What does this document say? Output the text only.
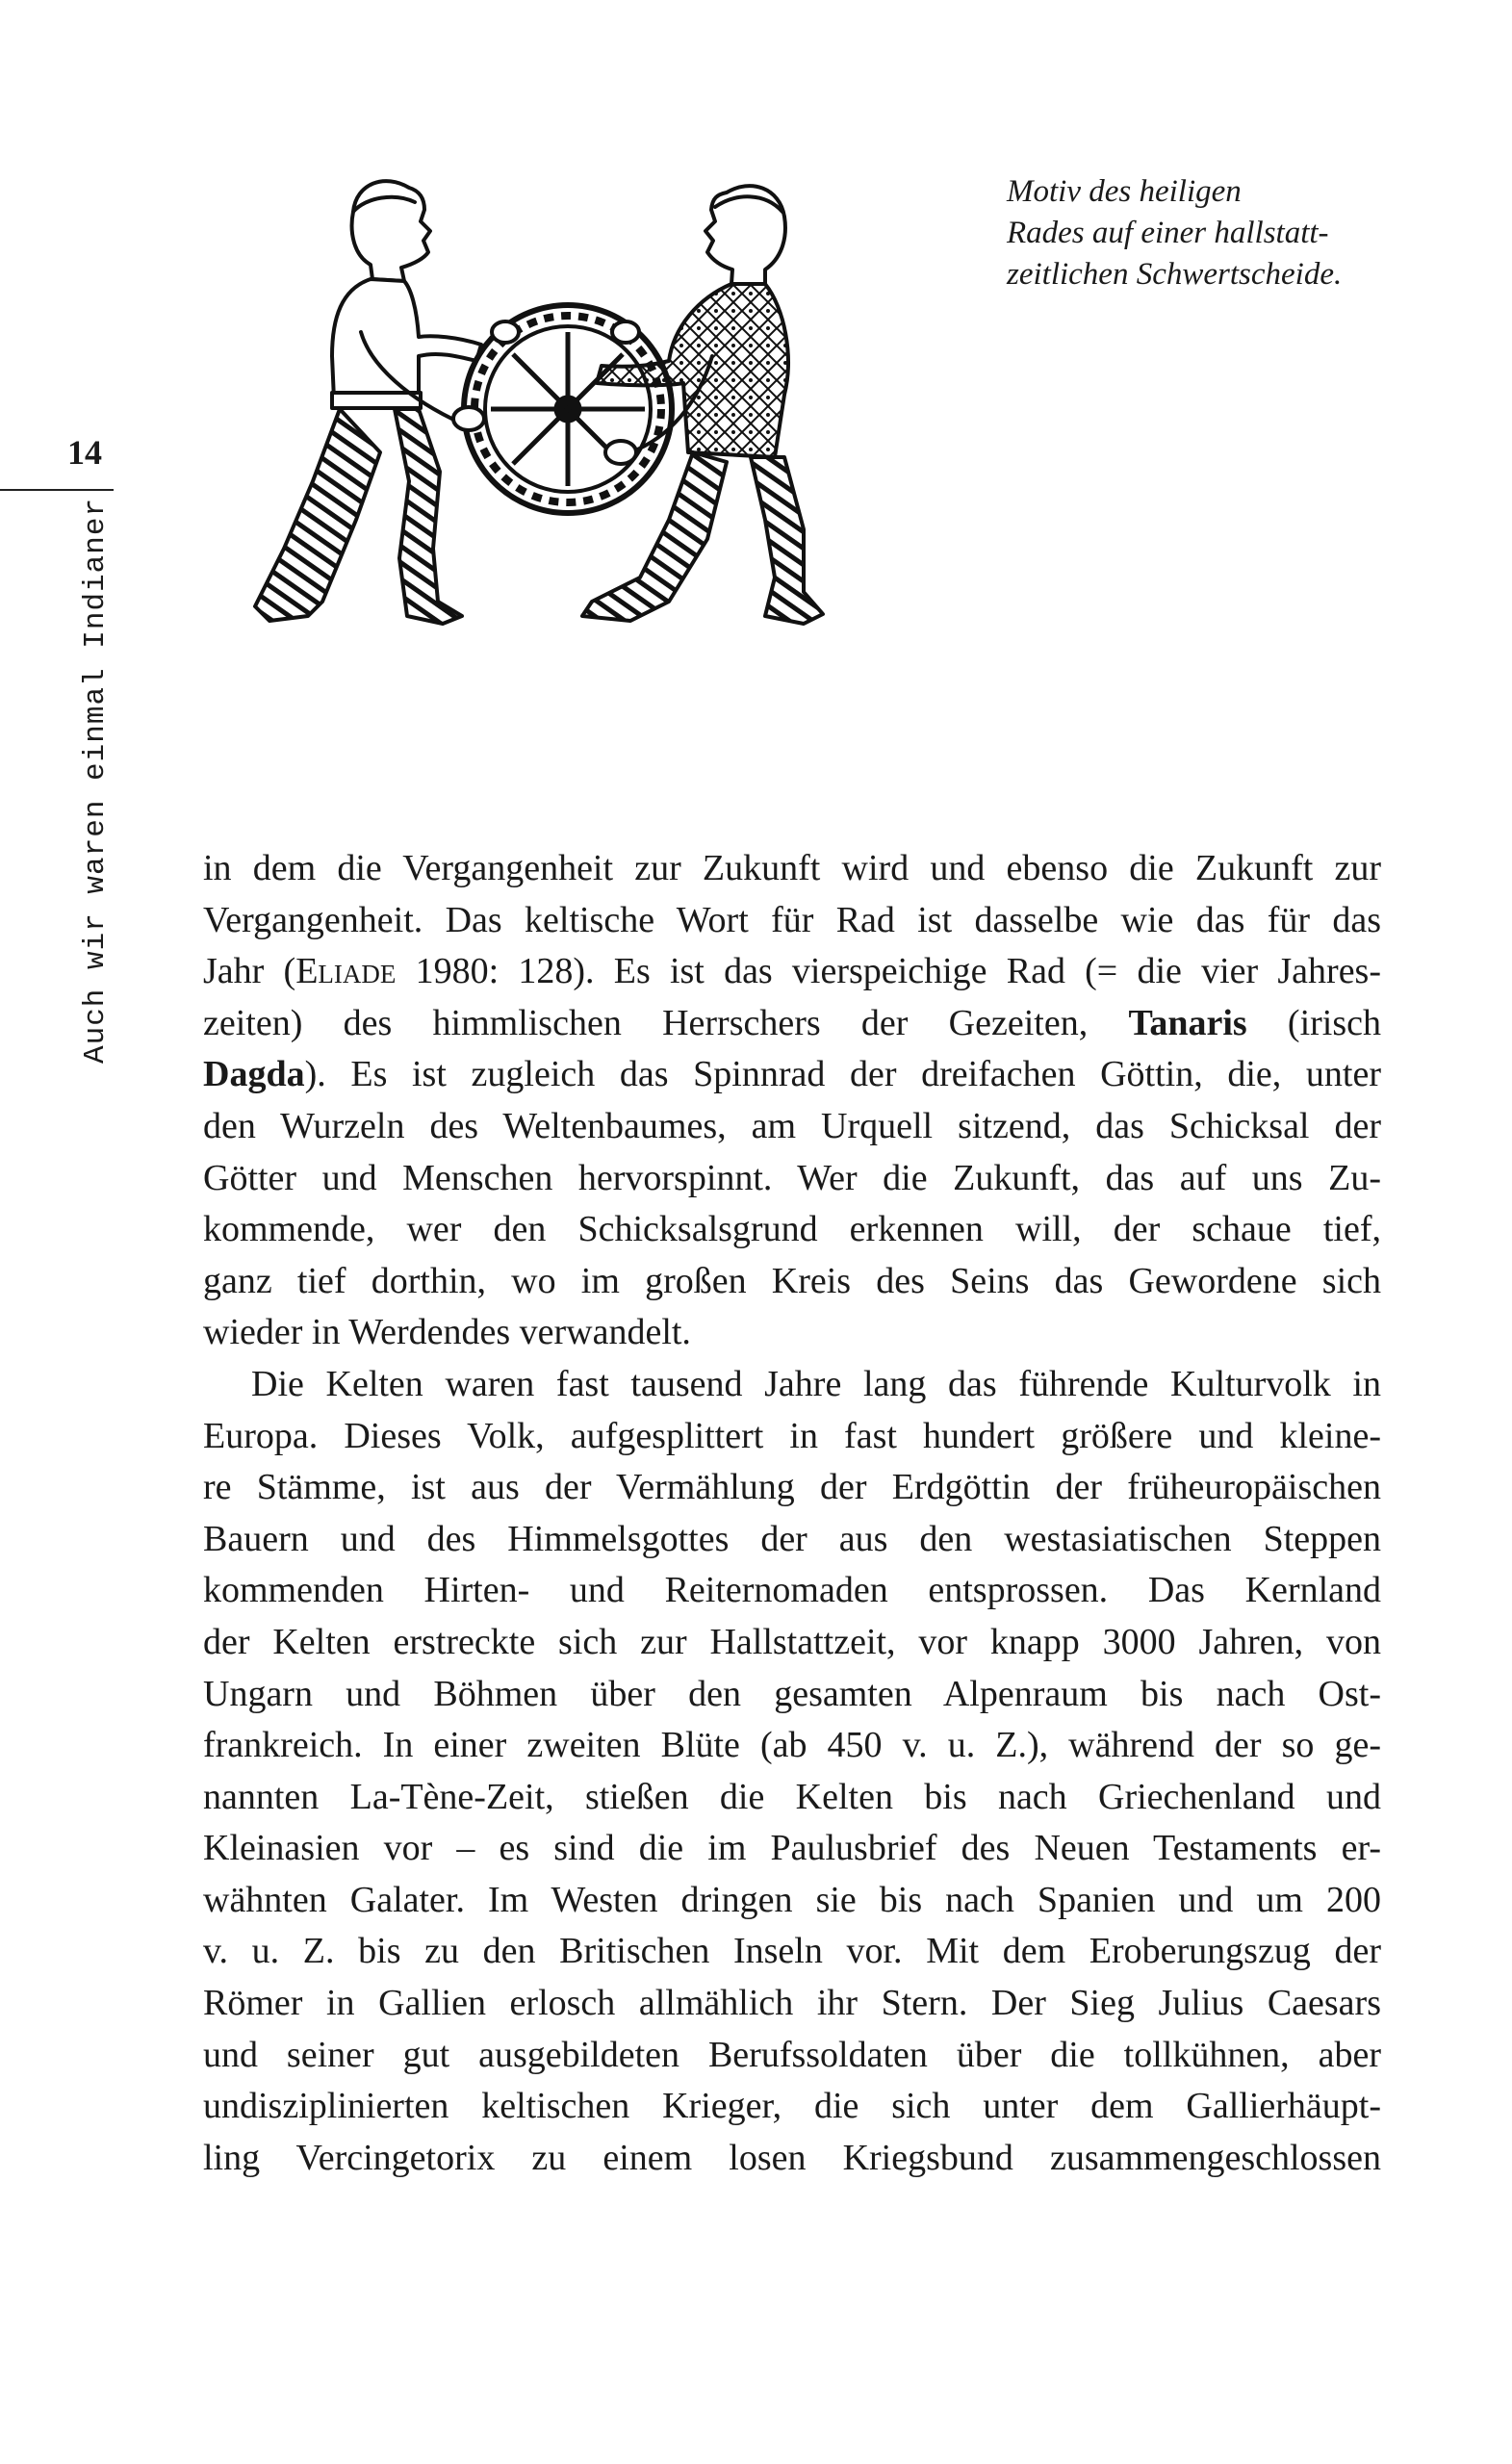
14
Auch wir waren einmal Indianer
Motiv des heiligen
Rades auf einer hallstatt-
zeitlichen Schwertscheide.
in dem die Vergangenheit zur Zukunft wird und ebenso die Zukunft zur
Vergangenheit. Das keltische Wort für Rad ist dasselbe wie das für das
Jahr (Eliade 1980: 128). Es ist das vierspeichige Rad (= die vier Jahres-
zeiten) des himmlischen Herrschers der Gezeiten, Tanaris (irisch
Dagda). Es ist zugleich das Spinnrad der dreifachen Göttin, die, unter
den Wurzeln des Weltenbaumes, am Urquell sitzend, das Schicksal der
Götter und Menschen hervorspinnt. Wer die Zukunft, das auf uns Zu-
kommende, wer den Schicksalsgrund erkennen will, der schaue tief,
ganz tief dorthin, wo im großen Kreis des Seins das Gewordene sich
wieder in Werdendes verwandelt.
Die Kelten waren fast tausend Jahre lang das führende Kulturvolk in
Europa. Dieses Volk, aufgesplittert in fast hundert größere und kleine-
re Stämme, ist aus der Vermählung der Erdgöttin der früheuropäischen
Bauern und des Himmelsgottes der aus den westasiatischen Steppen
kommenden Hirten- und Reiternomaden entsprossen. Das Kernland
der Kelten erstreckte sich zur Hallstattzeit, vor knapp 3000 Jahren, von
Ungarn und Böhmen über den gesamten Alpenraum bis nach Ost-
frankreich. In einer zweiten Blüte (ab 450 v. u. Z.), während der so ge-
nannten La-Tène-Zeit, stießen die Kelten bis nach Griechenland und
Kleinasien vor – es sind die im Paulusbrief des Neuen Testaments er-
wähnten Galater. Im Westen dringen sie bis nach Spanien und um 200
v. u. Z. bis zu den Britischen Inseln vor. Mit dem Eroberungszug der
Römer in Gallien erlosch allmählich ihr Stern. Der Sieg Julius Caesars
und seiner gut ausgebildeten Berufssoldaten über die tollkühnen, aber
undisziplinierten keltischen Krieger, die sich unter dem Gallierhäupt-
ling Vercingetorix zu einem losen Kriegsbund zusammengeschlossen
